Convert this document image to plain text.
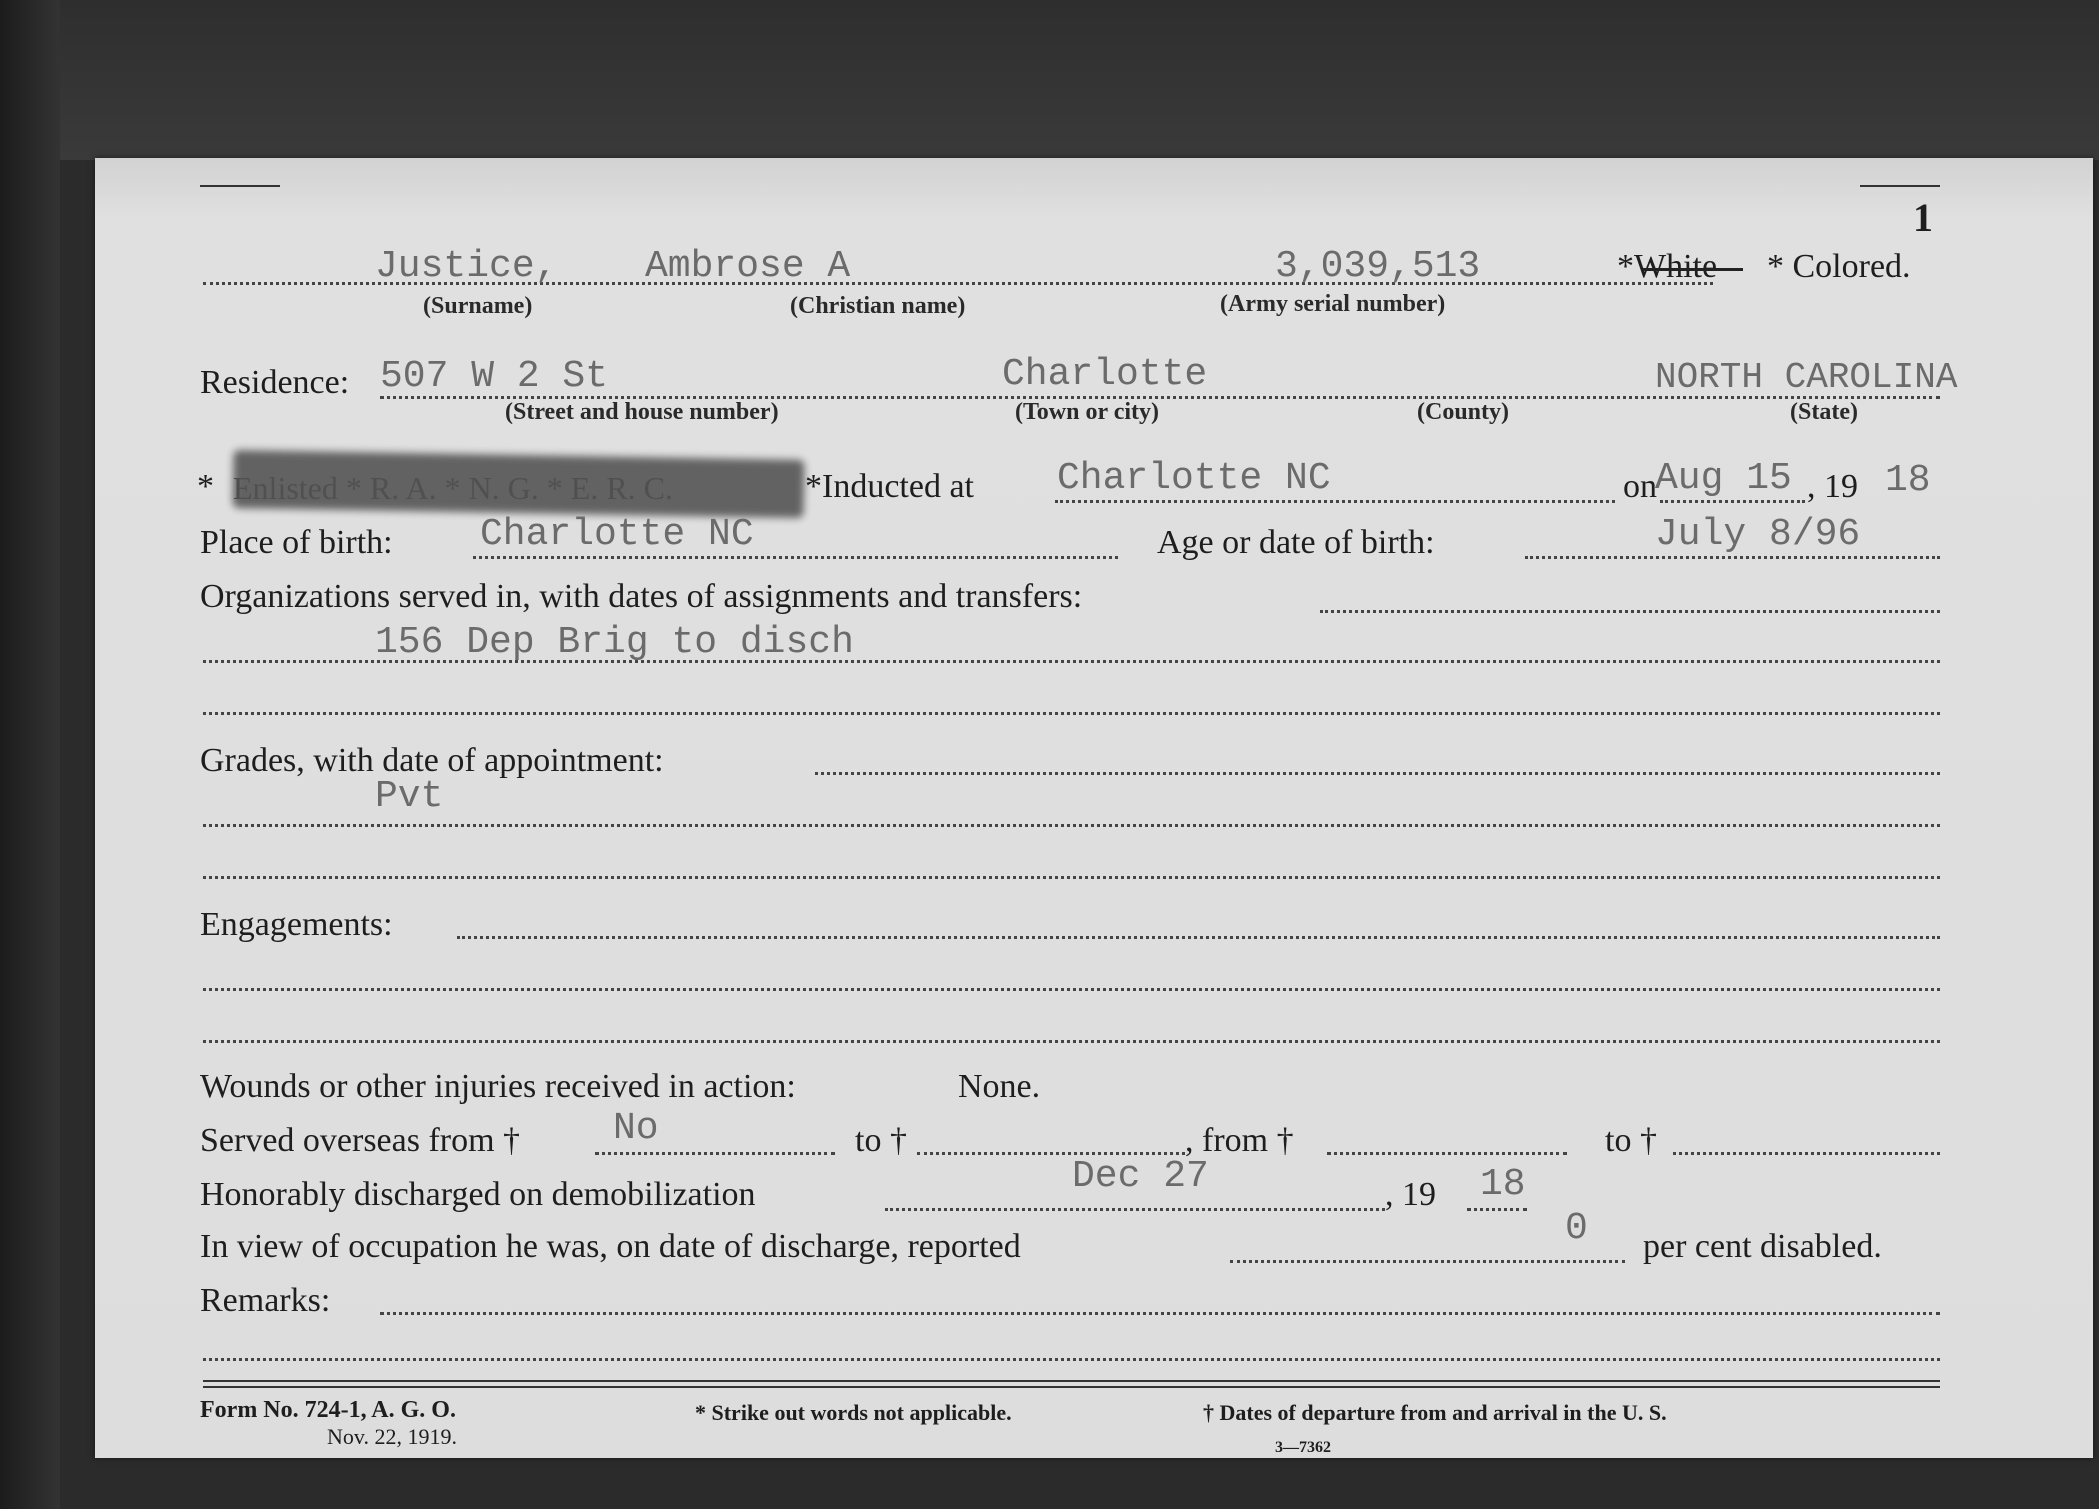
1
Justice, Ambrose A	3,039,513	*White * Colored.
(Surname)	(Christian name)	(Army serial number)
Residence: 507 W 2 St	Charlotte	NORTH CAROLINA
(Street and house number)	(Town or city)	(County)	(State)
*	*Inducted at Charlotte NC	on
Aug 15 , 19 18
Place of birth: Charlotte NC	Age or date of birth:	July 8/96
Organizations served in, with dates of assignments and transfers:
156 Dep Brig to disch
Grades, with date of appointment:
Pvt
Engagements:
Wounds or other injuries received in action:	None.
Served overseas from † No	to †	, from †	to †
Honorably discharged on demobilization	Dec 27	, 19 18
In view of occupation he was, on date of discharge, reported	0 per cent disabled.
Remarks:
Form No. 724-1, A. G. O.
Nov. 22, 1919.
* Strike out words not applicable.	† Dates of departure from and arrival in the U. S.
3—7362
